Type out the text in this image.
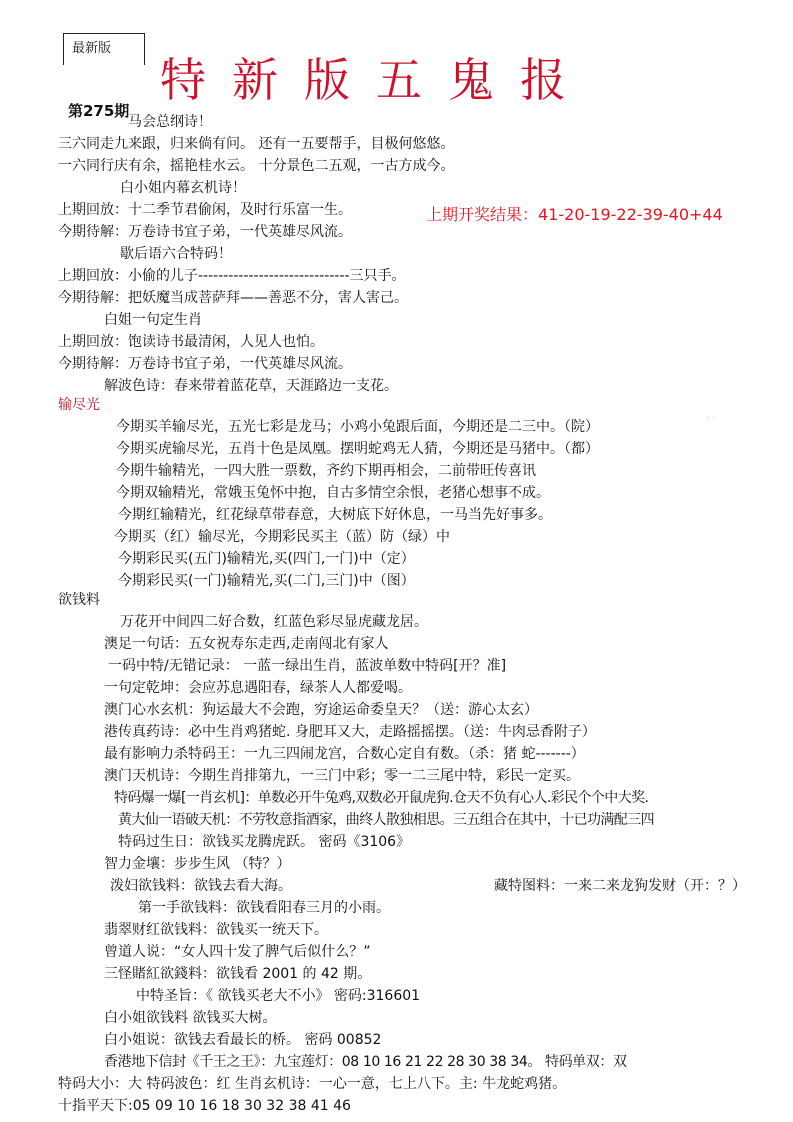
最新版
特新版五鬼报
第275期
上期开奖结果：41-20-19-22-39-40+44
马会总纲诗！
三六同走九来跟，归来倘有问。 还有一五要帮手，目极何悠悠。
一六同行庆有余，摇艳桂水云。 十分景色二五观，一古方成今。
白小姐内幕玄机诗！
上期回放：十二季节君偷闲，及时行乐富一生。
今期待解：万卷诗书宜子弟，一代英雄尽风流。
歇后语六合特码！
上期回放：小偷的儿子------------------------------三只手。
今期待解：把妖魔当成菩萨拜——善恶不分，害人害己。
白姐一句定生肖
上期回放：饱读诗书最清闲，人见人也怕。
今期待解：万卷诗书宜子弟，一代英雄尽风流。
解波色诗：春来带着蓝花草，天涯路边一支花。
输尽光
· ·
今期买羊输尽光，五光七彩是龙马；小鸡小兔跟后面，今期还是二三中。（院）
今期买虎输尽光，五肖十色是凤凰。摆明蛇鸡无人猜，今期还是马猪中。（都）
今期牛输精光，一四大胜一票数，齐约下期再相会，二前带旺传喜讯
今期双输精光，常娥玉兔怀中抱，自古多情空余恨，老猪心想事不成。
今期红输精光，红花绿草带春意，大树底下好休息，一马当先好事多。
今期买（红）输尽光，今期彩民买主（蓝）防（绿）中
今期彩民买(五门)输精光,买(四门,一门)中（定）
今期彩民买(一门)输精光,买(二门,三门)中（图）
欲钱料
万花开中间四二好合数，红蓝色彩尽显虎藏龙居。
澳足一句话：五女祝寿东走西,走南闯北有家人
一码中特/无错记录： 一蓝一绿出生肖，蓝波单数中特码[开？准]
一句定乾坤：会应苏息遇阳春，绿茶人人都爱喝。
澳门心水玄机：狗运最大不会跑，穷途运命委皇天？（送：游心太玄）
港传真药诗：必中生肖鸡猪蛇. 身肥耳又大，走路摇摇摆。（送：牛肉忌香附子）
最有影响力杀特码王：一九三四闹龙宫，合数心定自有数。（杀：猪 蛇-------）
澳门天机诗：今期生肖排第九，一三门中彩；零一二三尾中特，彩民一定买。
特码爆一爆[一肖玄机]：单数必开牛兔鸡,双数必开鼠虎狗.仓天不负有心人.彩民个个中大奖.
黄大仙一语破天机：不劳牧意指酒家，曲终人散独相思。三五组合在其中，十已功满配三四
特码过生日：欲钱买龙腾虎跃。 密码《3106》
智力金壤：步步生风 （特？）
泼妇欲钱料：欲钱去看大海。	藏特图料：一来二来龙狗发财（开：？）
第一手欲钱料：欲钱看阳春三月的小雨。
翡翠财红欲钱料：欲钱买一统天下。
曾道人说：“女人四十发了脾气后似什么？”
三怪賭紅欲錢料：欲钱看 2001 的 42 期。
中特圣旨：《 欲钱买老大不小》 密码:316601
白小姐欲钱料 欲钱买大树。
白小姐说：欲钱去看最长的桥。 密码 00852
香港地下信封《千王之王》：九宝莲灯：08 10 16 21 22 28 30 38 34。 特码单双：双
特码大小：大 特码波色：红 生肖玄机诗：一心一意，七上八下。主: 牛龙蛇鸡猪。
十指平天下:05 09 10 16 18 30 32 38 41 46
